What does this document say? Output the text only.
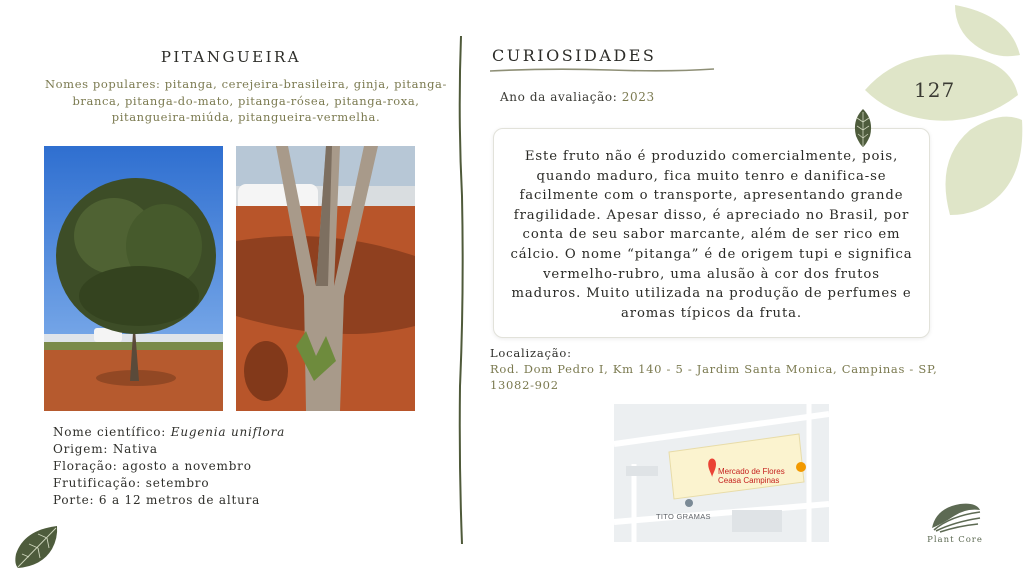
PITANGUEIRA
Nomes populares: pitanga, cerejeira-brasileira, ginja, pitanga-branca, pitanga-do-mato, pitanga-rósea, pitanga-roxa, pitangueira-miúda, pitangueira-vermelha.
Nome científico: Eugenia uniflora
Origem: Nativa
Floração: agosto a novembro
Frutificação: setembro
Porte: 6 a 12 metros de altura
CURIOSIDADES
Ano da avaliação: 2023

Este fruto não é produzido comercialmente, pois, quando maduro, fica muito tenro e danifica-se facilmente com o transporte, apresentando grande fragilidade. Apesar disso, é apreciado no Brasil, por conta de seu sabor marcante, além de ser rico em cálcio. O nome “pitanga” é de origem tupi e significa vermelho-rubro, uma alusão à cor dos frutos maduros. Muito utilizada na produção de perfumes e aromas típicos da fruta.

Localização:
Rod. Dom Pedro I, Km 140 - 5 - Jardim Santa Monica, Campinas - SP, 13082-902
Mercado de Flores
Ceasa Campinas
TITO GRAMAS
127
Plant Core
